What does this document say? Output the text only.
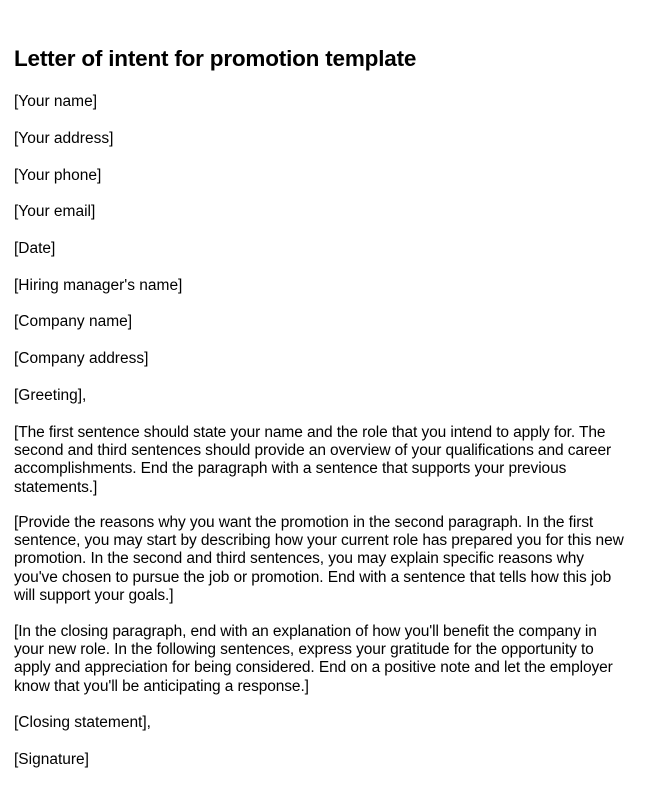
Letter of intent for promotion template

[Your name]

[Your address]

[Your phone]

[Your email]

[Date]

[Hiring manager's name]

[Company name]

[Company address]

[Greeting],

[The first sentence should state your name and the role that you intend to apply for. The second and third sentences should provide an overview of your qualifications and career accomplishments. End the paragraph with a sentence that supports your previous statements.]

[Provide the reasons why you want the promotion in the second paragraph. In the first sentence, you may start by describing how your current role has prepared you for this new promotion. In the second and third sentences, you may explain specific reasons why you've chosen to pursue the job or promotion. End with a sentence that tells how this job will support your goals.]

[In the closing paragraph, end with an explanation of how you'll benefit the company in your new role. In the following sentences, express your gratitude for the opportunity to apply and appreciation for being considered. End on a positive note and let the employer know that you'll be anticipating a response.]

[Closing statement],

[Signature]
